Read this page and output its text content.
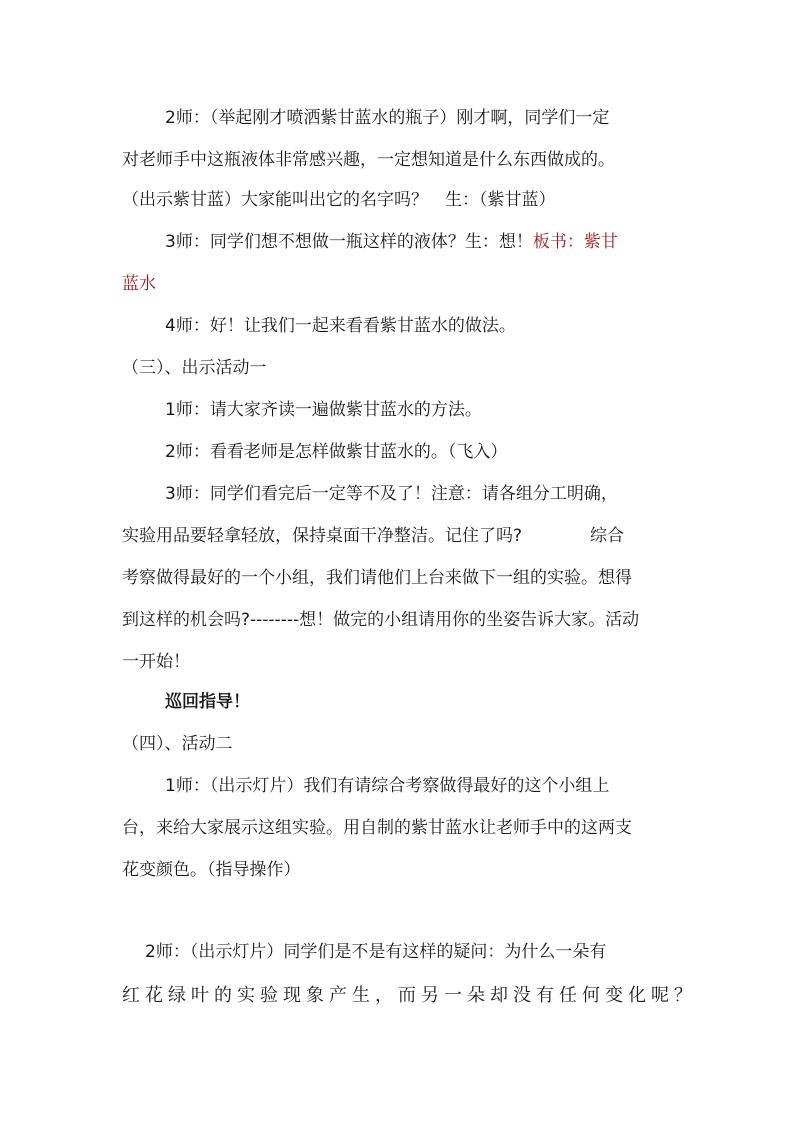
2师：（举起刚才喷洒紫甘蓝水的瓶子）刚才啊，同学们一定
对老师手中这瓶液体非常感兴趣，一定想知道是什么东西做成的。
（出示紫甘蓝）大家能叫出它的名字吗？　生：（紫甘蓝）
3师：同学们想不想做一瓶这样的液体？生：想！板书：紫甘
蓝水
4师：好！让我们一起来看看紫甘蓝水的做法。
（三）、出示活动一
1师：请大家齐读一遍做紫甘蓝水的方法。
2师：看看老师是怎样做紫甘蓝水的。（飞入）
3师：同学们看完后一定等不及了！注意：请各组分工明确，
实验用品要轻拿轻放，保持桌面干净整洁。记住了吗?　　　　综合
考察做得最好的一个小组，我们请他们上台来做下一组的实验。想得
到这样的机会吗?--------想！做完的小组请用你的坐姿告诉大家。活动
一开始！
巡回指导！
（四）、活动二
1师：（出示灯片）我们有请综合考察做得最好的这个小组上
台，来给大家展示这组实验。用自制的紫甘蓝水让老师手中的这两支
花变颜色。（指导操作）
2师：（出示灯片）同学们是不是有这样的疑问：为什么一朵有
红花绿叶的实验现象产生，而另一朵却没有任何变化呢？
